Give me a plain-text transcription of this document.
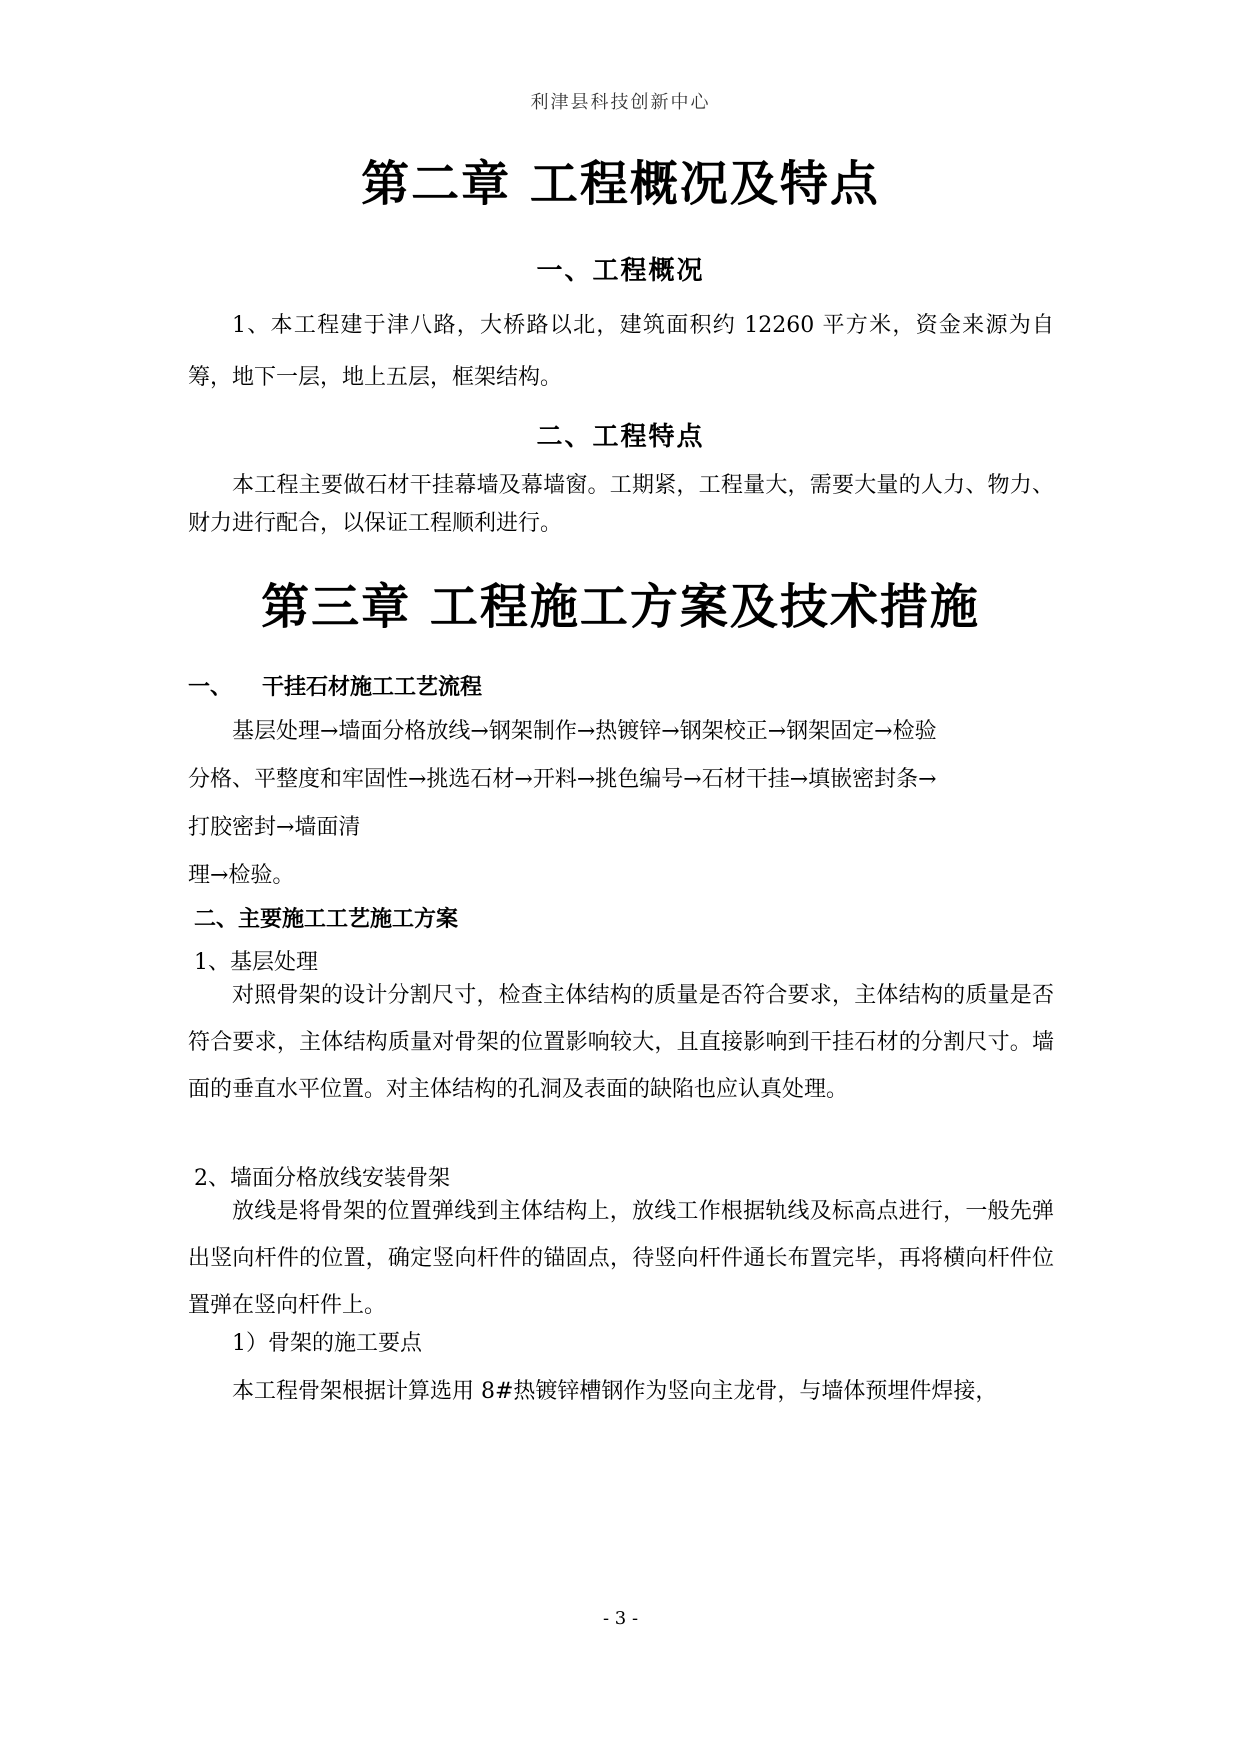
利津县科技创新中心
第二章 工程概况及特点
一、工程概况
1、本工程建于津八路，大桥路以北，建筑面积约 12260 平方米，资金来源为自筹，地下一层，地上五层，框架结构。
二、工程特点
本工程主要做石材干挂幕墙及幕墙窗。工期紧，工程量大，需要大量的人力、物力、财力进行配合，以保证工程顺利进行。
第三章 工程施工方案及技术措施
一、 干挂石材施工工艺流程
基层处理→墙面分格放线→钢架制作→热镀锌→钢架校正→钢架固定→检验
分格、平整度和牢固性→挑选石材→开料→挑色编号→石材干挂→填嵌密封条→
打胶密封→墙面清
理→检验。
二、主要施工工艺施工方案
1、基层处理
对照骨架的设计分割尺寸，检查主体结构的质量是否符合要求，主体结构的质量是否符合要求，主体结构质量对骨架的位置影响较大，且直接影响到干挂石材的分割尺寸。墙面的垂直水平位置。对主体结构的孔洞及表面的缺陷也应认真处理。
2、墙面分格放线安装骨架
放线是将骨架的位置弹线到主体结构上，放线工作根据轨线及标高点进行，一般先弹出竖向杆件的位置，确定竖向杆件的锚固点，待竖向杆件通长布置完毕，再将横向杆件位置弹在竖向杆件上。
1）骨架的施工要点
本工程骨架根据计算选用 8#热镀锌槽钢作为竖向主龙骨，与墙体预埋件焊接，
- 3 -
